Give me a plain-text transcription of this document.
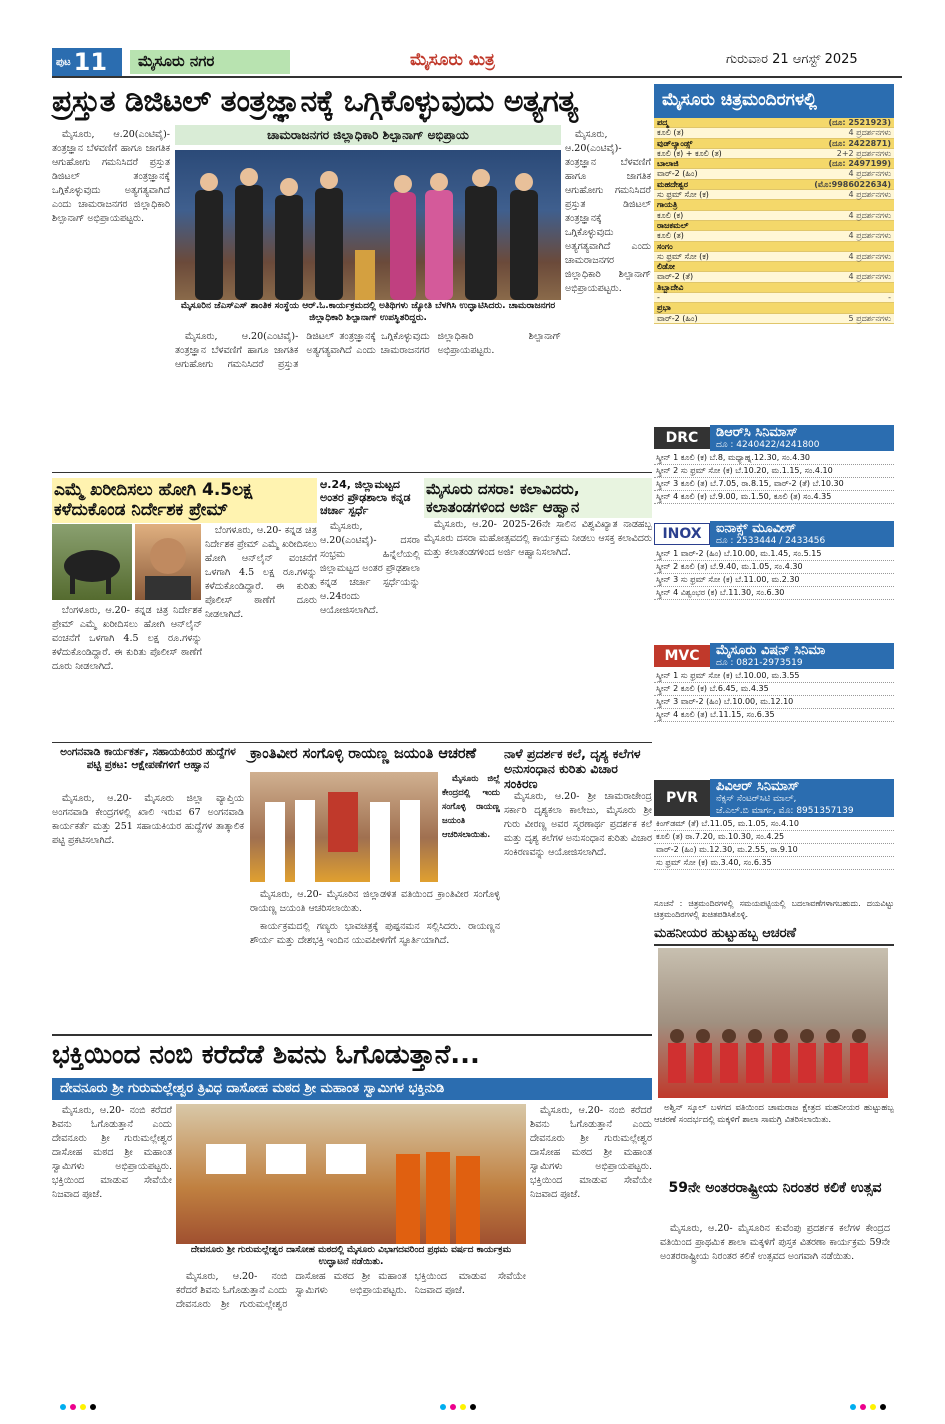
ಪುಟ 11	ಮೈಸೂರು ನಗರ	ಮೈಸೂರು ಮಿತ್ರ	ಗುರುವಾರ 21 ಆಗಸ್ಟ್ 2025
ಪ್ರಸ್ತುತ ಡಿಜಿಟಲ್ ತಂತ್ರಜ್ಞಾನಕ್ಕೆ ಒಗ್ಗಿಕೊಳ್ಳುವುದು ಅತ್ಯಗತ್ಯ
ಚಾಮರಾಜನಗರ ಜಿಲ್ಲಾಧಿಕಾರಿ ಶಿಲ್ಪಾನಾಗ್ ಅಭಿಪ್ರಾಯ

ಮೈಸೂರು, ಆ.20(ಎಂಟಿವೈ)- ತಂತ್ರಜ್ಞಾನ ಬೆಳವಣಿಗೆ ಹಾಗೂ ಜಾಗತಿಕ ಆಗುಹೋಗು ಗಮನಿಸಿದರೆ ಪ್ರಸ್ತುತ ಡಿಜಿಟಲ್ ತಂತ್ರಜ್ಞಾನಕ್ಕೆ ಒಗ್ಗಿಕೊಳ್ಳುವುದು ಅತ್ಯಗತ್ಯವಾಗಿದೆ ಎಂದು ಚಾಮರಾಜನಗರ ಜಿಲ್ಲಾಧಿಕಾರಿ ಶಿಲ್ಪಾನಾಗ್ ಅಭಿಪ್ರಾಯಪಟ್ಟರು.

ಮೈಸೂರಿನ ಜೆಎಸ್ಎಸ್ ಶಾಂತಿಕ ಸಂಸ್ಥೆಯ ಆರ್.ಓ.ಕಾರ್ಯಕ್ರಮದಲ್ಲಿ ಅತಿಥಿಗಳು ಜ್ಯೋತಿ ಬೆಳಗಿಸಿ ಉದ್ಘಾಟಿಸಿದರು. ಚಾಮರಾಜನಗರ ಜಿಲ್ಲಾಧಿಕಾರಿ ಶಿಲ್ಪಾನಾಗ್ ಉಪಸ್ಥಿತರಿದ್ದರು.

ಮೈಸೂರು, ಆ.20(ಎಂಟಿವೈ)- ತಂತ್ರಜ್ಞಾನ ಬೆಳವಣಿಗೆ ಹಾಗೂ ಜಾಗತಿಕ ಆಗುಹೋಗು ಗಮನಿಸಿದರೆ ಪ್ರಸ್ತುತ ಡಿಜಿಟಲ್ ತಂತ್ರಜ್ಞಾನಕ್ಕೆ ಒಗ್ಗಿಕೊಳ್ಳುವುದು ಅತ್ಯಗತ್ಯವಾಗಿದೆ ಎಂದು ಚಾಮರಾಜನಗರ ಜಿಲ್ಲಾಧಿಕಾರಿ ಶಿಲ್ಪಾನಾಗ್ ಅಭಿಪ್ರಾಯಪಟ್ಟರು.

ಮೈಸೂರು, ಆ.20(ಎಂಟಿವೈ)- ತಂತ್ರಜ್ಞಾನ ಬೆಳವಣಿಗೆ ಹಾಗೂ ಜಾಗತಿಕ ಆಗುಹೋಗು ಗಮನಿಸಿದರೆ ಪ್ರಸ್ತುತ ಡಿಜಿಟಲ್ ತಂತ್ರಜ್ಞಾನಕ್ಕೆ ಒಗ್ಗಿಕೊಳ್ಳುವುದು ಅತ್ಯಗತ್ಯವಾಗಿದೆ ಎಂದು ಚಾಮರಾಜನಗರ ಜಿಲ್ಲಾಧಿಕಾರಿ ಶಿಲ್ಪಾನಾಗ್ ಅಭಿಪ್ರಾಯಪಟ್ಟರು.

ಮೈಸೂರು ಚಿತ್ರಮಂದಿರಗಳಲ್ಲಿ
ಪದ್ಮ	(ದೂ: 2521923)
ಕೂಲಿ (ತ)	4 ಪ್ರದರ್ಶನಗಳು
ವುಡ್‌ಲ್ಯಾಂಡ್ಸ್	(ದೂ: 2422871)
ಕೂಲಿ (ಕ) + ಕೂಲಿ (ತ)	2+2 ಪ್ರದರ್ಶನಗಳು
ಬಾಲಾಜಿ	(ದೂ: 2497199)
ವಾರ್-2 (ಹಿಂ)	4 ಪ್ರದರ್ಶನಗಳು
ಮಹದೇಶ್ವರ	(ಮೊ:9986022634)
ಸು ಫ್ರಮ್ ಸೋ (ಕ)	4 ಪ್ರದರ್ಶನಗಳು
ಗಾಯತ್ರಿ
ಕೂಲಿ (ಕ)	4 ಪ್ರದರ್ಶನಗಳು
ರಾಜಕಮಲ್
ಕೂಲಿ (ತ)	4 ಪ್ರದರ್ಶನಗಳು
ಸಂಗಂ
ಸು ಫ್ರಮ್ ಸೋ (ಕ)	4 ಪ್ರದರ್ಶನಗಳು
ಲಿಡೋ
ವಾರ್-2 (ತೆ)	4 ಪ್ರದರ್ಶನಗಳು
ತಿಬ್ಬಾದೇವಿ
-	-
ಪ್ರಭಾ
ವಾರ್-2 (ಹಿಂ)	5 ಪ್ರದರ್ಶನಗಳು
DRC	ಡಿಆರ್‌ಸಿ ಸಿನಿಮಾಸ್
ದೂ : 4240422/4241800
ಸ್ಕ್ರೀನ್ 1 ಕೂಲಿ (ಕ) ಬೆ.8, ಮಧ್ಯಾಹ್ನ.12.30, ಸಂ.4.30
ಸ್ಕ್ರೀನ್ 2 ಸು ಫ್ರಮ್ ಸೋ (ಕ) ಬೆ.10.20, ಮ.1.15, ಸಂ.4.10
ಸ್ಕ್ರೀನ್ 3 ಕೂಲಿ (ತ) ಬೆ.7.05, ರಾ.8.15, ವಾರ್-2 (ತೆ) ಬೆ.10.30
ಸ್ಕ್ರೀನ್ 4 ಕೂಲಿ (ಕ) ಬೆ.9.00, ಮ.1.50, ಕೂಲಿ (ತ) ಸಂ.4.35
INOX	ಐನಾಕ್ಸ್ ಮೂವೀಸ್
ದೂ : 2533444 / 2433456
ಸ್ಕ್ರೀನ್ 1 ವಾರ್-2 (ಹಿಂ) ಬೆ.10.00, ಮ.1.45, ಸಂ.5.15
ಸ್ಕ್ರೀನ್ 2 ಕೂಲಿ (ತ) ಬೆ.9.40, ಮ.1.05, ಸಂ.4.30
ಸ್ಕ್ರೀನ್ 3 ಸು ಫ್ರಮ್ ಸೋ (ಕ) ಬೆ.11.00, ಮ.2.30
ಸ್ಕ್ರೀನ್ 4 ವಿಶ್ವಂಭರ (ಕ) ಬೆ.11.30, ಸಂ.6.30
MVC	ಮೈಸೂರು ವಿಷನ್ ಸಿನಿಮಾ
ದೂ : 0821-2973519
ಸ್ಕ್ರೀನ್ 1 ಸು ಫ್ರಮ್ ಸೋ (ಕ) ಬೆ.10.00, ಮ.3.55
ಸ್ಕ್ರೀನ್ 2 ಕೂಲಿ (ಕ) ಬೆ.6.45, ಮ.4.35
ಸ್ಕ್ರೀನ್ 3 ವಾರ್-2 (ಹಿಂ) ಬೆ.10.00, ಮ.12.10
ಸ್ಕ್ರೀನ್ 4 ಕೂಲಿ (ತ) ಬೆ.11.15, ಸಂ.6.35
PVR
ಪಿವಿಆರ್ ಸಿನಿಮಾಸ್
ನೆಕ್ಸಸ್ ಸೆಂಟರ್‌ಸಿಟಿ ಮಾಲ್,
ಜೆ.ಎಲ್.ಬಿ ಮಾರ್ಗ, ಮೊ: 8951357139
ಕಿಂಗ್‌ಡಮ್ (ತೆ) ಬೆ.11.05, ಮ.1.05, ಸಂ.4.10
ಕೂಲಿ (ತ) ರಾ.7.20, ಮ.10.30, ಸಂ.4.25
ವಾರ್-2 (ಹಿಂ) ಮ.12.30, ಮ.2.55, ರಾ.9.10
ಸು ಫ್ರಮ್ ಸೋ (ಕ) ಮ.3.40, ಸಂ.6.35
ಸೂಚನೆ : ಚಿತ್ರಮಂದಿರಗಳಲ್ಲಿ ಸಮಯಪಟ್ಟಿಯಲ್ಲಿ ಬದಲಾವಣೆಗಳಾಗಬಹುದು. ದಯವಿಟ್ಟು ಚಿತ್ರಮಂದಿರಗಳಲ್ಲಿ ಖಚಿತಪಡಿಸಿಕೊಳ್ಳಿ.
ಮಹನೀಯರ ಹುಟ್ಟುಹಬ್ಬ ಆಚರಣೆ

ಅಶ್ವಿನ್ ಸ್ಕೂಲ್ ಬಳಗದ ವತಿಯಿಂದ ಚಾಮರಾಜ ಕ್ಷೇತ್ರದ ಮಹನೀಯರ ಹುಟ್ಟುಹಬ್ಬ ಆಚರಣೆ ಸಂದರ್ಭದಲ್ಲಿ ಮಕ್ಕಳಿಗೆ ಶಾಲಾ ಸಾಮಗ್ರಿ ವಿತರಿಸಲಾಯಿತು.

59ನೇ ಅಂತರರಾಷ್ಟ್ರೀಯ ನಿರಂತರ ಕಲಿಕೆ ಉತ್ಸವ

ಮೈಸೂರು, ಆ.20- ಮೈಸೂರಿನ ಕುವೆಂಪು ಪ್ರದರ್ಶಕ ಕಲೆಗಳ ಕೇಂದ್ರದ ವತಿಯಿಂದ ಪ್ರಾಥಮಿಕ ಶಾಲಾ ಮಕ್ಕಳಿಗೆ ಪುಸ್ತಕ ವಿತರಣಾ ಕಾರ್ಯಕ್ರಮ 59ನೇ ಅಂತರರಾಷ್ಟ್ರೀಯ ನಿರಂತರ ಕಲಿಕೆ ಉತ್ಸವದ ಅಂಗವಾಗಿ ನಡೆಯಿತು.

ಎಮ್ಮೆ ಖರೀದಿಸಲು ಹೋಗಿ 4.5ಲಕ್ಷ ಕಳೆದುಕೊಂಡ ನಿರ್ದೇಶಕ ಪ್ರೇಮ್

ಬೆಂಗಳೂರು, ಆ.20- ಕನ್ನಡ ಚಿತ್ರ ನಿರ್ದೇಶಕ ಪ್ರೇಮ್ ಎಮ್ಮೆ ಖರೀದಿಸಲು ಹೋಗಿ ಆನ್‌ಲೈನ್ ವಂಚನೆಗೆ ಒಳಗಾಗಿ 4.5 ಲಕ್ಷ ರೂ.ಗಳನ್ನು ಕಳೆದುಕೊಂಡಿದ್ದಾರೆ. ಈ ಕುರಿತು ಪೊಲೀಸ್ ಠಾಣೆಗೆ ದೂರು ನೀಡಲಾಗಿದೆ.

ಬೆಂಗಳೂರು, ಆ.20- ಕನ್ನಡ ಚಿತ್ರ ನಿರ್ದೇಶಕ ಪ್ರೇಮ್ ಎಮ್ಮೆ ಖರೀದಿಸಲು ಹೋಗಿ ಆನ್‌ಲೈನ್ ವಂಚನೆಗೆ ಒಳಗಾಗಿ 4.5 ಲಕ್ಷ ರೂ.ಗಳನ್ನು ಕಳೆದುಕೊಂಡಿದ್ದಾರೆ. ಈ ಕುರಿತು ಪೊಲೀಸ್ ಠಾಣೆಗೆ ದೂರು ನೀಡಲಾಗಿದೆ.

ಆ.24, ಜಿಲ್ಲಾಮಟ್ಟದ ಅಂತರ ಪ್ರೌಢಶಾಲಾ ಕನ್ನಡ ಚರ್ಚಾ ಸ್ಪರ್ಧೆ

ಮೈಸೂರು, ಆ.20(ಎಂಟಿವೈ)- ದಸರಾ ಸಂಭ್ರಮ ಹಿನ್ನೆಲೆಯಲ್ಲಿ ಜಿಲ್ಲಾಮಟ್ಟದ ಅಂತರ ಪ್ರೌಢಶಾಲಾ ಕನ್ನಡ ಚರ್ಚಾ ಸ್ಪರ್ಧೆಯನ್ನು ಆ.24ರಂದು ಆಯೋಜಿಸಲಾಗಿದೆ.

ಮೈಸೂರು ದಸರಾ: ಕಲಾವಿದರು, ಕಲಾತಂಡಗಳಿಂದ ಅರ್ಜಿ ಆಹ್ವಾನ

ಮೈಸೂರು, ಆ.20- 2025-26ನೇ ಸಾಲಿನ ವಿಶ್ವವಿಖ್ಯಾತ ನಾಡಹಬ್ಬ ಮೈಸೂರು ದಸರಾ ಮಹೋತ್ಸವದಲ್ಲಿ ಕಾರ್ಯಕ್ರಮ ನೀಡಲು ಆಸಕ್ತ ಕಲಾವಿದರು ಮತ್ತು ಕಲಾತಂಡಗಳಿಂದ ಅರ್ಜಿ ಆಹ್ವಾನಿಸಲಾಗಿದೆ.

ಅಂಗನವಾಡಿ ಕಾರ್ಯಕರ್ತ, ಸಹಾಯಕಿಯರ ಹುದ್ದೆಗಳ ಪಟ್ಟಿ ಪ್ರಕಟ: ಆಕ್ಷೇಪಣೆಗಳಿಗೆ ಆಹ್ವಾನ

ಮೈಸೂರು, ಆ.20- ಮೈಸೂರು ಜಿಲ್ಲಾ ವ್ಯಾಪ್ತಿಯ ಅಂಗನವಾಡಿ ಕೇಂದ್ರಗಳಲ್ಲಿ ಖಾಲಿ ಇರುವ 67 ಅಂಗನವಾಡಿ ಕಾರ್ಯಕರ್ತೆ ಮತ್ತು 251 ಸಹಾಯಕಿಯರ ಹುದ್ದೆಗಳ ತಾತ್ಕಾಲಿಕ ಪಟ್ಟಿ ಪ್ರಕಟಿಸಲಾಗಿದೆ.

ಕ್ರಾಂತಿವೀರ ಸಂಗೊಳ್ಳಿ ರಾಯಣ್ಣ ಜಯಂತಿ ಆಚರಣೆ

ಮೈಸೂರು ಜಿಲ್ಲೆ ಕೇಂದ್ರದಲ್ಲಿ ಇಂದು ಸಂಗೊಳ್ಳಿ ರಾಯಣ್ಣ ಜಯಂತಿ ಆಚರಿಸಲಾಯಿತು.

ಮೈಸೂರು, ಆ.20- ಮೈಸೂರಿನ ಜಿಲ್ಲಾಡಳಿತ ವತಿಯಿಂದ ಕ್ರಾಂತಿವೀರ ಸಂಗೊಳ್ಳಿ ರಾಯಣ್ಣ ಜಯಂತಿ ಆಚರಿಸಲಾಯಿತು.

ಕಾರ್ಯಕ್ರಮದಲ್ಲಿ ಗಣ್ಯರು ಭಾವಚಿತ್ರಕ್ಕೆ ಪುಷ್ಪನಮನ ಸಲ್ಲಿಸಿದರು. ರಾಯಣ್ಣನ ಶೌರ್ಯ ಮತ್ತು ದೇಶಭಕ್ತಿ ಇಂದಿನ ಯುವಪೀಳಿಗೆಗೆ ಸ್ಫೂರ್ತಿಯಾಗಿದೆ.

ನಾಳೆ ಪ್ರದರ್ಶಕ ಕಲೆ, ದೃಶ್ಯ ಕಲೆಗಳ ಅನುಸಂಧಾನ ಕುರಿತು ವಿಚಾರ ಸಂಕಿರಣ

ಮೈಸೂರು, ಆ.20- ಶ್ರೀ ಚಾಮರಾಜೇಂದ್ರ ಸರ್ಕಾರಿ ದೃಶ್ಯಕಲಾ ಕಾಲೇಜು, ಮೈಸೂರು ಶ್ರೀ ಗುರು ವೀರಣ್ಣ ಅವರ ಸ್ಮರಣಾರ್ಥ ಪ್ರದರ್ಶಕ ಕಲೆ ಮತ್ತು ದೃಶ್ಯ ಕಲೆಗಳ ಅನುಸಂಧಾನ ಕುರಿತು ವಿಚಾರ ಸಂಕಿರಣವನ್ನು ಆಯೋಜಿಸಲಾಗಿದೆ.

ಭಕ್ತಿಯಿಂದ ನಂಬಿ ಕರೆದೆಡೆ ಶಿವನು ಓಗೊಡುತ್ತಾನೆ...
ದೇವನೂರು ಶ್ರೀ ಗುರುಮಲ್ಲೇಶ್ವರ ತ್ರಿವಿಧ ದಾಸೋಹ ಮಠದ ಶ್ರೀ ಮಹಾಂತ ಸ್ವಾಮಿಗಳ ಭಕ್ತಿನುಡಿ

ಮೈಸೂರು, ಆ.20- ನಂಬಿ ಕರೆದರೆ ಶಿವನು ಓಗೊಡುತ್ತಾನೆ ಎಂದು ದೇವನೂರು ಶ್ರೀ ಗುರುಮಲ್ಲೇಶ್ವರ ದಾಸೋಹ ಮಠದ ಶ್ರೀ ಮಹಾಂತ ಸ್ವಾಮಿಗಳು ಅಭಿಪ್ರಾಯಪಟ್ಟರು. ಭಕ್ತಿಯಿಂದ ಮಾಡುವ ಸೇವೆಯೇ ನಿಜವಾದ ಪೂಜೆ.

ದೇವನೂರು ಶ್ರೀ ಗುರುಮಲ್ಲೇಶ್ವರ ದಾಸೋಹ ಮಠದಲ್ಲಿ ಮೈಸೂರು ವಿಭಾಗದವರಿಂದ ಪ್ರಥಮ ವರ್ಷದ ಕಾರ್ಯಕ್ರಮ ಉದ್ಘಾಟನೆ ನಡೆಯಿತು.

ಮೈಸೂರು, ಆ.20- ನಂಬಿ ಕರೆದರೆ ಶಿವನು ಓಗೊಡುತ್ತಾನೆ ಎಂದು ದೇವನೂರು ಶ್ರೀ ಗುರುಮಲ್ಲೇಶ್ವರ ದಾಸೋಹ ಮಠದ ಶ್ರೀ ಮಹಾಂತ ಸ್ವಾಮಿಗಳು ಅಭಿಪ್ರಾಯಪಟ್ಟರು. ಭಕ್ತಿಯಿಂದ ಮಾಡುವ ಸೇವೆಯೇ ನಿಜವಾದ ಪೂಜೆ.

ಮೈಸೂರು, ಆ.20- ನಂಬಿ ಕರೆದರೆ ಶಿವನು ಓಗೊಡುತ್ತಾನೆ ಎಂದು ದೇವನೂರು ಶ್ರೀ ಗುರುಮಲ್ಲೇಶ್ವರ ದಾಸೋಹ ಮಠದ ಶ್ರೀ ಮಹಾಂತ ಸ್ವಾಮಿಗಳು ಅಭಿಪ್ರಾಯಪಟ್ಟರು. ಭಕ್ತಿಯಿಂದ ಮಾಡುವ ಸೇವೆಯೇ ನಿಜವಾದ ಪೂಜೆ.
